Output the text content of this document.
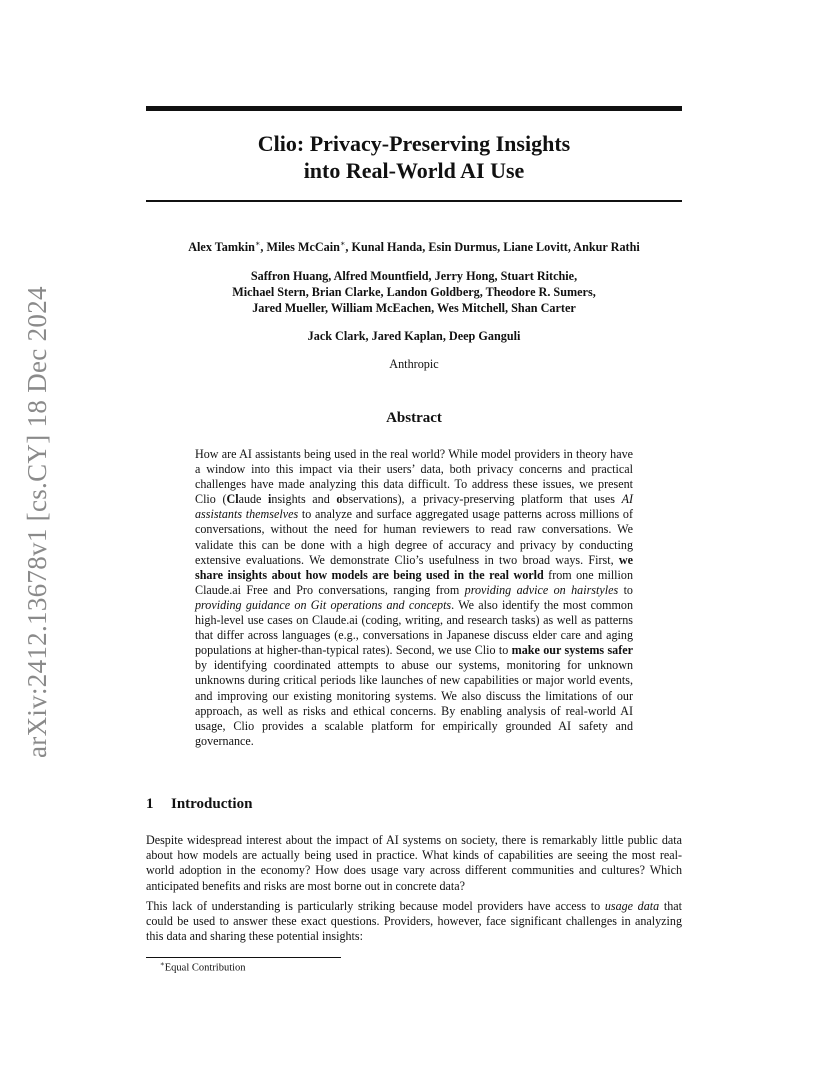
arXiv:2412.13678v1 [cs.CY] 18 Dec 2024
Clio: Privacy-Preserving Insights
into Real-World AI Use
Alex Tamkin∗, Miles McCain∗, Kunal Handa, Esin Durmus, Liane Lovitt, Ankur Rathi
Saffron Huang, Alfred Mountfield, Jerry Hong, Stuart Ritchie,
Michael Stern, Brian Clarke, Landon Goldberg, Theodore R. Sumers,
Jared Mueller, William McEachen, Wes Mitchell, Shan Carter
Jack Clark, Jared Kaplan, Deep Ganguli
Anthropic
Abstract
How are AI assistants being used in the real world? While model providers in theory have a window into this impact via their users’ data, both privacy concerns and practical challenges have made analyzing this data difficult. To address these issues, we present Clio (Claude insights and observations), a privacy-preserving platform that uses AI assistants themselves to analyze and surface aggregated usage patterns across millions of conversations, without the need for human reviewers to read raw conversations. We validate this can be done with a high degree of accuracy and privacy by conducting extensive evaluations. We demonstrate Clio’s usefulness in two broad ways. First, we share insights about how models are being used in the real world from one million Claude.ai Free and Pro conversations, ranging from providing advice on hairstyles to providing guidance on Git operations and concepts. We also identify the most common high-level use cases on Claude.ai (coding, writing, and research tasks) as well as patterns that differ across languages (e.g., conversations in Japanese discuss elder care and aging populations at higher-than-typical rates). Second, we use Clio to make our systems safer by identifying coordinated attempts to abuse our systems, monitoring for unknown unknowns during critical periods like launches of new capabilities or major world events, and improving our existing monitoring systems. We also discuss the limitations of our approach, as well as risks and ethical concerns. By enabling analysis of real-world AI usage, Clio provides a scalable platform for empirically grounded AI safety and governance.
1 Introduction

Despite widespread interest about the impact of AI systems on society, there is remarkably little public data about how models are actually being used in practice. What kinds of capabilities are seeing the most real-world adoption in the economy? How does usage vary across different communities and cultures? Which anticipated benefits and risks are most borne out in concrete data?

This lack of understanding is particularly striking because model providers have access to usage data that could be used to answer these exact questions. Providers, however, face significant challenges in analyzing this data and sharing these potential insights:

∗Equal Contribution
